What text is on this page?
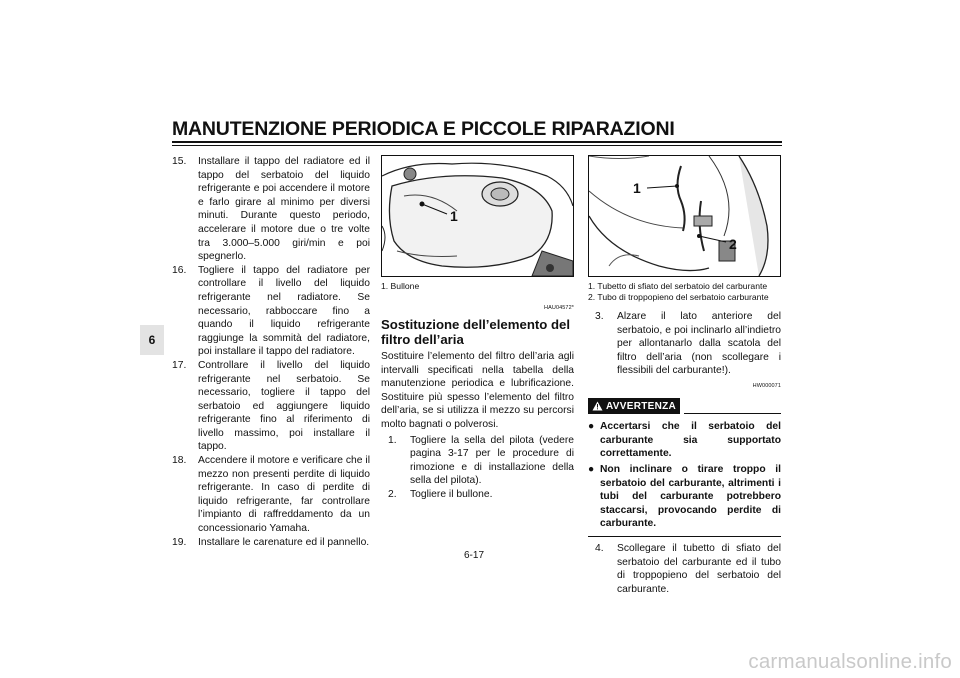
MANUTENZIONE PERIODICA E PICCOLE RIPARAZIONI
6
15. Installare il tappo del radiatore ed il tappo del serbatoio del liquido refrigerante e poi accendere il motore e farlo girare al minimo per diversi minuti. Durante questo periodo, accelerare il motore due o tre volte tra 3.000–5.000 giri/min e poi spegnerlo.
16. Togliere il tappo del radiatore per controllare il livello del liquido refrigerante nel radiatore. Se necessario, rabboccare fino a quando il liquido refrigerante raggiunge la sommità del radiatore, poi installare il tappo del radiatore.
17. Controllare il livello del liquido refrigerante nel serbatoio. Se necessario, togliere il tappo del serbatoio ed aggiungere liquido refrigerante fino al riferimento di livello massimo, poi installare il tappo.
18. Accendere il motore e verificare che il mezzo non presenti perdite di liquido refrigerante. In caso di perdite di liquido refrigerante, far controllare l’impianto di raffreddamento da un concessionario Yamaha.
19. Installare le carenature ed il pannello.
1
1. Bullone
HAU04572*
Sostituzione dell’elemento del filtro dell’aria

Sostituire l’elemento del filtro dell’aria agli intervalli specificati nella tabella della manutenzione periodica e lubrificazione. Sostituire più spesso l’elemento del filtro dell’aria, se si utilizza il mezzo su percorsi molto bagnati o polverosi.

1. Togliere la sella del pilota (vedere pagina 3-17 per le procedure di rimozione e di installazione della sella del pilota).
2. Togliere il bullone.
1
2
1. Tubetto di sfiato del serbatoio del carburante
2. Tubo di troppopieno del serbatoio carburante
3. Alzare il lato anteriore del serbatoio, e poi inclinarlo all’indietro per allontanarlo dalla scatola del filtro dell’aria (non scollegare i flessibili del carburante!).
HW000071
AVVERTENZA
● Accertarsi che il serbatoio del carburante sia supportato correttamente.
● Non inclinare o tirare troppo il serbatoio del carburante, altrimenti i tubi del carburante potrebbero staccarsi, provocando perdite di carburante.
4. Scollegare il tubetto di sfiato del serbatoio del carburante ed il tubo di troppopieno del serbatoio del carburante.
6-17
carmanualsonline.info
